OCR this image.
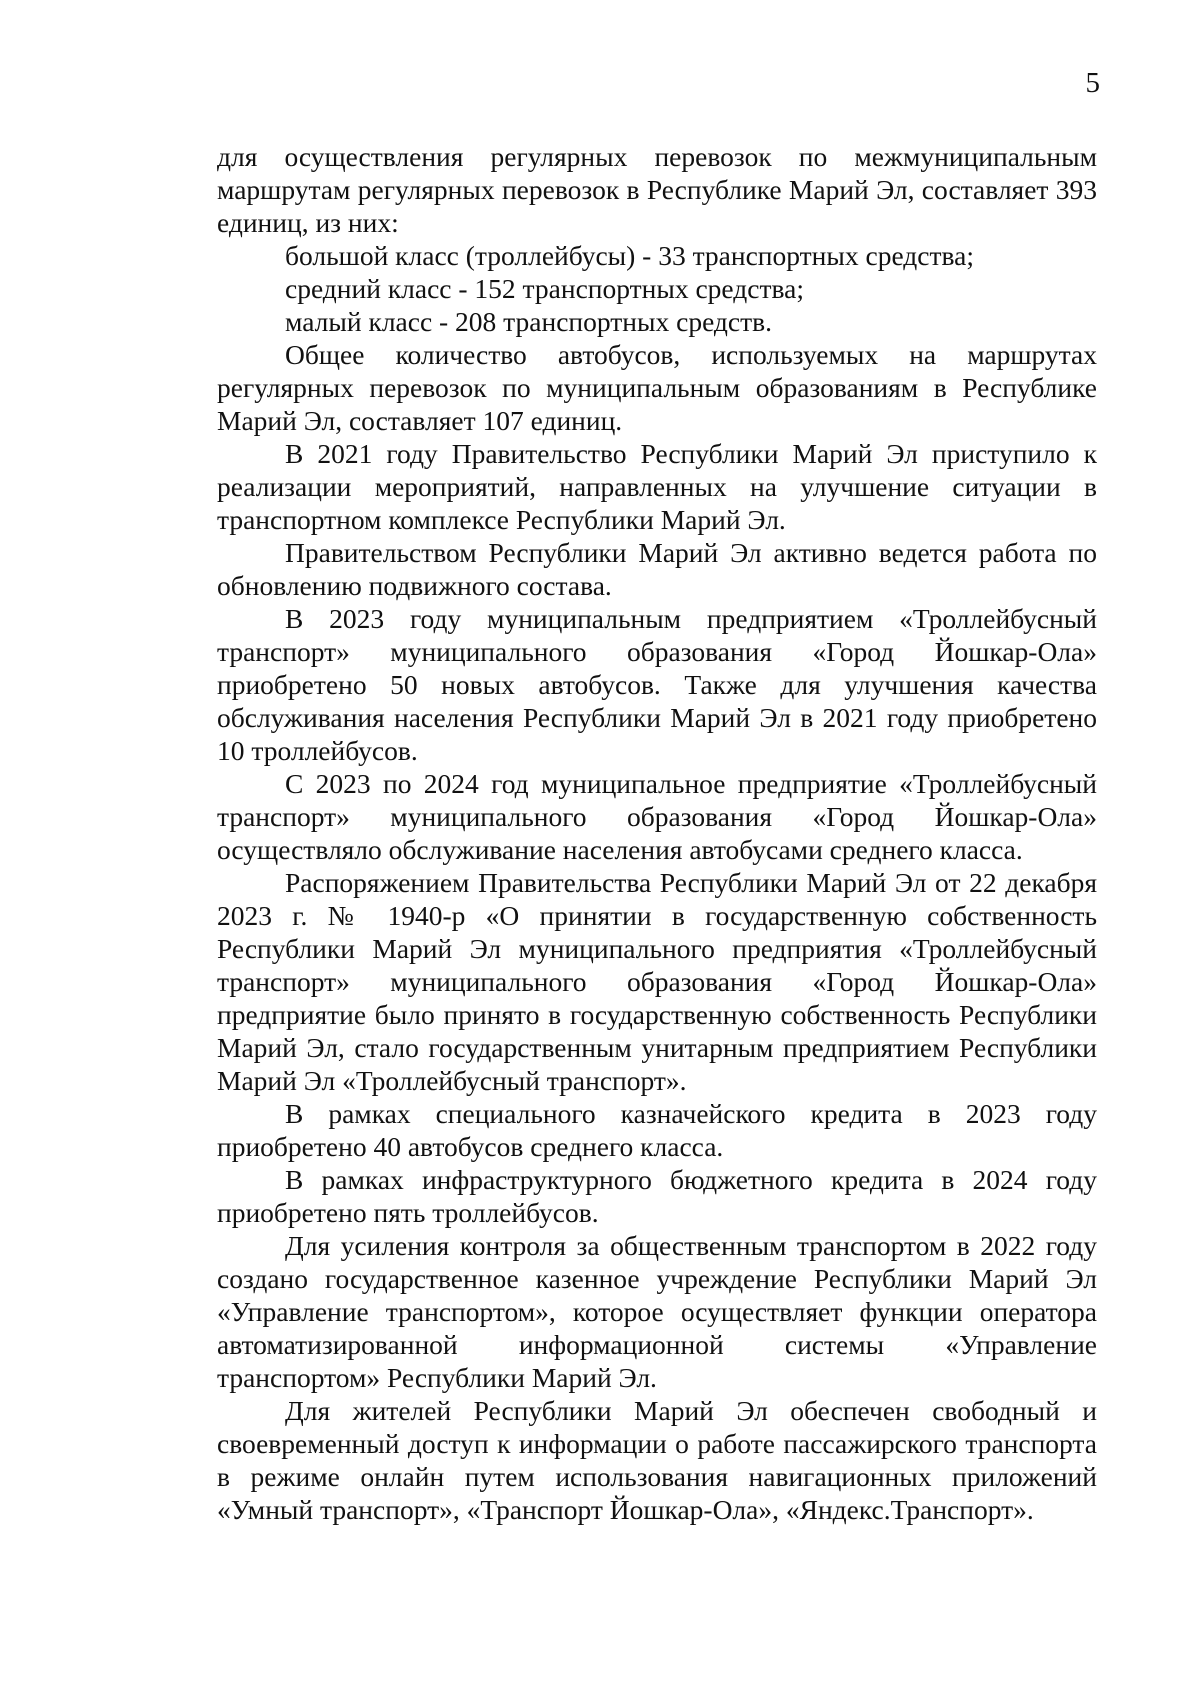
5

для осуществления регулярных перевозок по межмуниципальным маршрутам регулярных перевозок в Республике Марий Эл, составляет 393 единиц, из них:

большой класс (троллейбусы) - 33 транспортных средства;

средний класс - 152 транспортных средства;

малый класс - 208 транспортных средств.

Общее количество автобусов, используемых на маршрутах регулярных перевозок по муниципальным образованиям в Республике Марий Эл, составляет 107 единиц.

В 2021 году Правительство Республики Марий Эл приступило к реализации мероприятий, направленных на улучшение ситуации в транспортном комплексе Республики Марий Эл.

Правительством Республики Марий Эл активно ведется работа по обновлению подвижного состава.

В 2023 году муниципальным предприятием «Троллейбусный транспорт» муниципального образования «Город Йошкар-Ола» приобретено 50 новых автобусов. Также для улучшения качества обслуживания населения Республики Марий Эл в 2021 году приобретено 10 троллейбусов.

С 2023 по 2024 год муниципальное предприятие «Троллейбусный транспорт» муниципального образования «Город Йошкар-Ола» осуществляло обслуживание населения автобусами среднего класса.

Распоряжением Правительства Республики Марий Эл от 22 декабря 2023 г. № 1940-р «О принятии в государственную собственность Республики Марий Эл муниципального предприятия «Троллейбусный транспорт» муниципального образования «Город Йошкар-Ола» предприятие было принято в государственную собственность Республики Марий Эл, стало государственным унитарным предприятием Республики Марий Эл «Троллейбусный транспорт».

В рамках специального казначейского кредита в 2023 году приобретено 40 автобусов среднего класса.

В рамках инфраструктурного бюджетного кредита в 2024 году приобретено пять троллейбусов.

Для усиления контроля за общественным транспортом в 2022 году создано государственное казенное учреждение Республики Марий Эл «Управление транспортом», которое осуществляет функции оператора автоматизированной информационной системы «Управление транспортом» Республики Марий Эл.

Для жителей Республики Марий Эл обеспечен свободный и своевременный доступ к информации о работе пассажирского транспорта в режиме онлайн путем использования навигационных приложений «Умный транспорт», «Транспорт Йошкар-Ола», «Яндекс.Транспорт».
